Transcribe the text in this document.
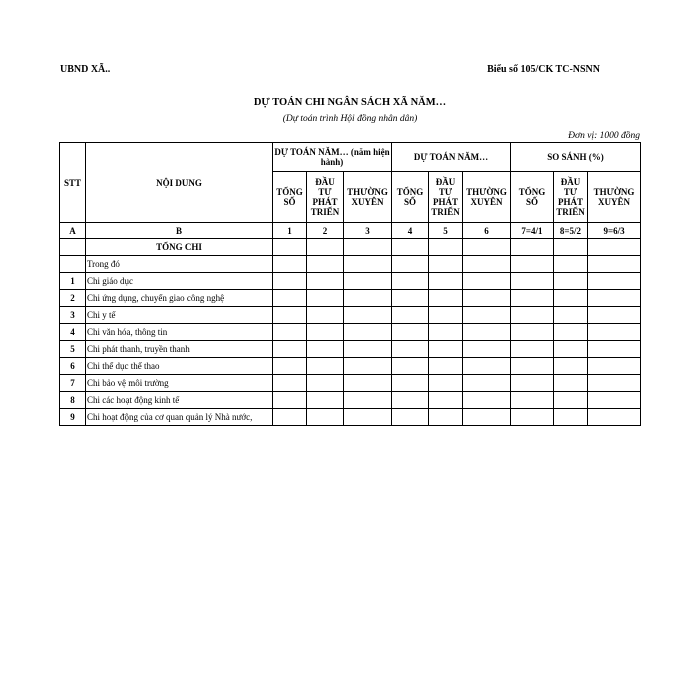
UBND XÃ..	Biểu số 105/CK TC-NSNN
DỰ TOÁN CHI NGÂN SÁCH XÃ NĂM…
(Dự toán trình Hội đồng nhân dân)
Đơn vị: 1000 đồng
STT	NỘI DUNG	DỰ TOÁN NĂM… (năm hiện hành)			DỰ TOÁN NĂM…			SO SÁNH (%)		
		TỔNG SỐ	ĐẦU TƯ PHÁT TRIỂN	THƯỜNG XUYÊN	TỔNG SỐ	ĐẦU TƯ PHÁT TRIỂN	THƯỜNG XUYÊN	TỔNG SỐ	ĐẦU TƯ PHÁT TRIỂN	THƯỜNG XUYÊN
A	B	1	2	3	4	5	6	7=4/1	8=5/2	9=6/3
	TỔNG CHI									
	Trong đó									
1	Chi giáo dục									
2	Chi ứng dụng, chuyển giao công nghệ									
3	Chi y tế									
4	Chi văn hóa, thông tin									
5	Chi phát thanh, truyền thanh									
6	Chi thể dục thể thao									
7	Chi bảo vệ môi trường									
8	Chi các hoạt động kinh tế									
9	Chi hoạt động của cơ quan quản lý Nhà nước,									
